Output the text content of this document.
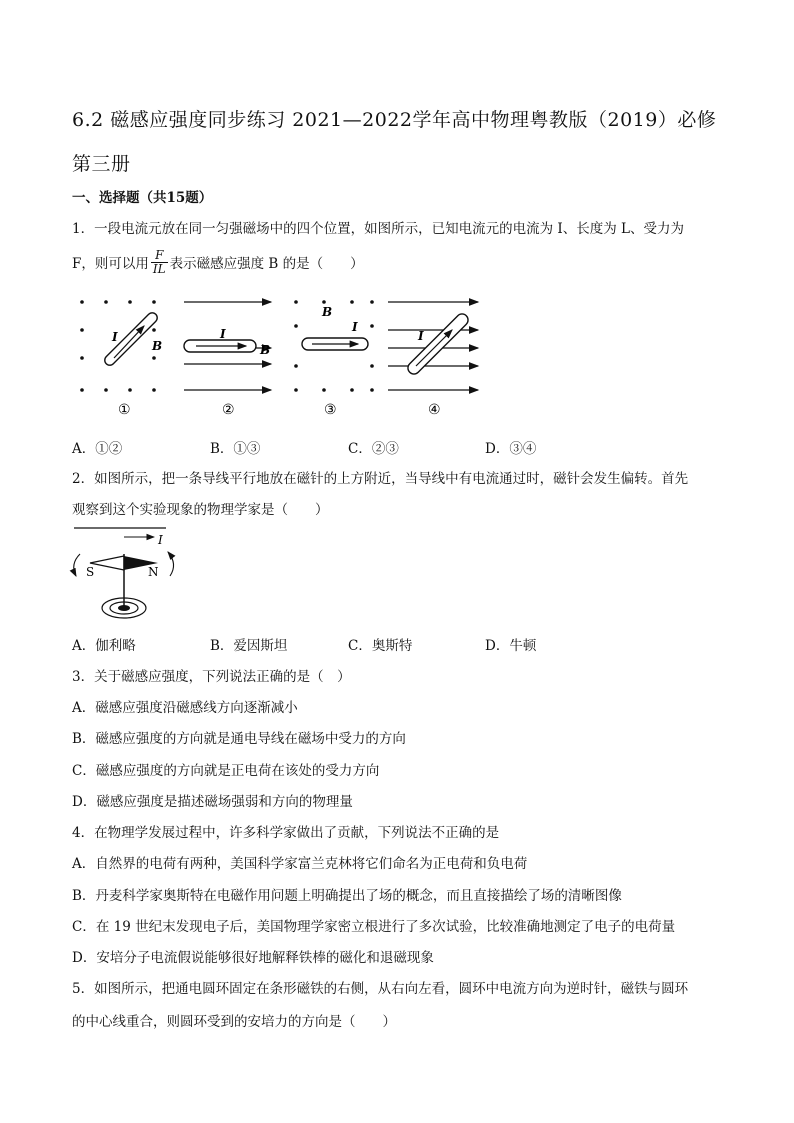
6.2 磁感应强度同步练习 2021—2022学年高中物理粤教版（2019）必修第三册
一、选择题（共15题）
1．一段电流元放在同一匀强磁场中的四个位置，如图所示，已知电流元的电流为 I、长度为 L、受力为
F，则可以用 $\frac{F}{IL}$ 表示磁感应强度 B 的是（　　）
I
B
①
I
B
②
I
B
③
I
④
A．①②	B．①③	C．②③	D．③④
2．如图所示，把一条导线平行地放在磁针的上方附近，当导线中有电流通过时，磁针会发生偏转。首先
观察到这个实验现象的物理学家是（　　）
I
S	N
A．伽利略	B．爱因斯坦	C．奥斯特	D．牛顿
3．关于磁感应强度，下列说法正确的是（　）
A．磁感应强度沿磁感线方向逐渐减小
B．磁感应强度的方向就是通电导线在磁场中受力的方向
C．磁感应强度的方向就是正电荷在该处的受力方向
D．磁感应强度是描述磁场强弱和方向的物理量
4．在物理学发展过程中，许多科学家做出了贡献，下列说法不正确的是
A．自然界的电荷有两种，美国科学家富兰克林将它们命名为正电荷和负电荷
B．丹麦科学家奥斯特在电磁作用问题上明确提出了场的概念，而且直接描绘了场的清晰图像
C．在 19 世纪末发现电子后，美国物理学家密立根进行了多次试验，比较准确地测定了电子的电荷量
D．安培分子电流假说能够很好地解释铁棒的磁化和退磁现象
5．如图所示，把通电圆环固定在条形磁铁的右侧，从右向左看，圆环中电流方向为逆时针，磁铁与圆环
的中心线重合，则圆环受到的安培力的方向是（　　）
